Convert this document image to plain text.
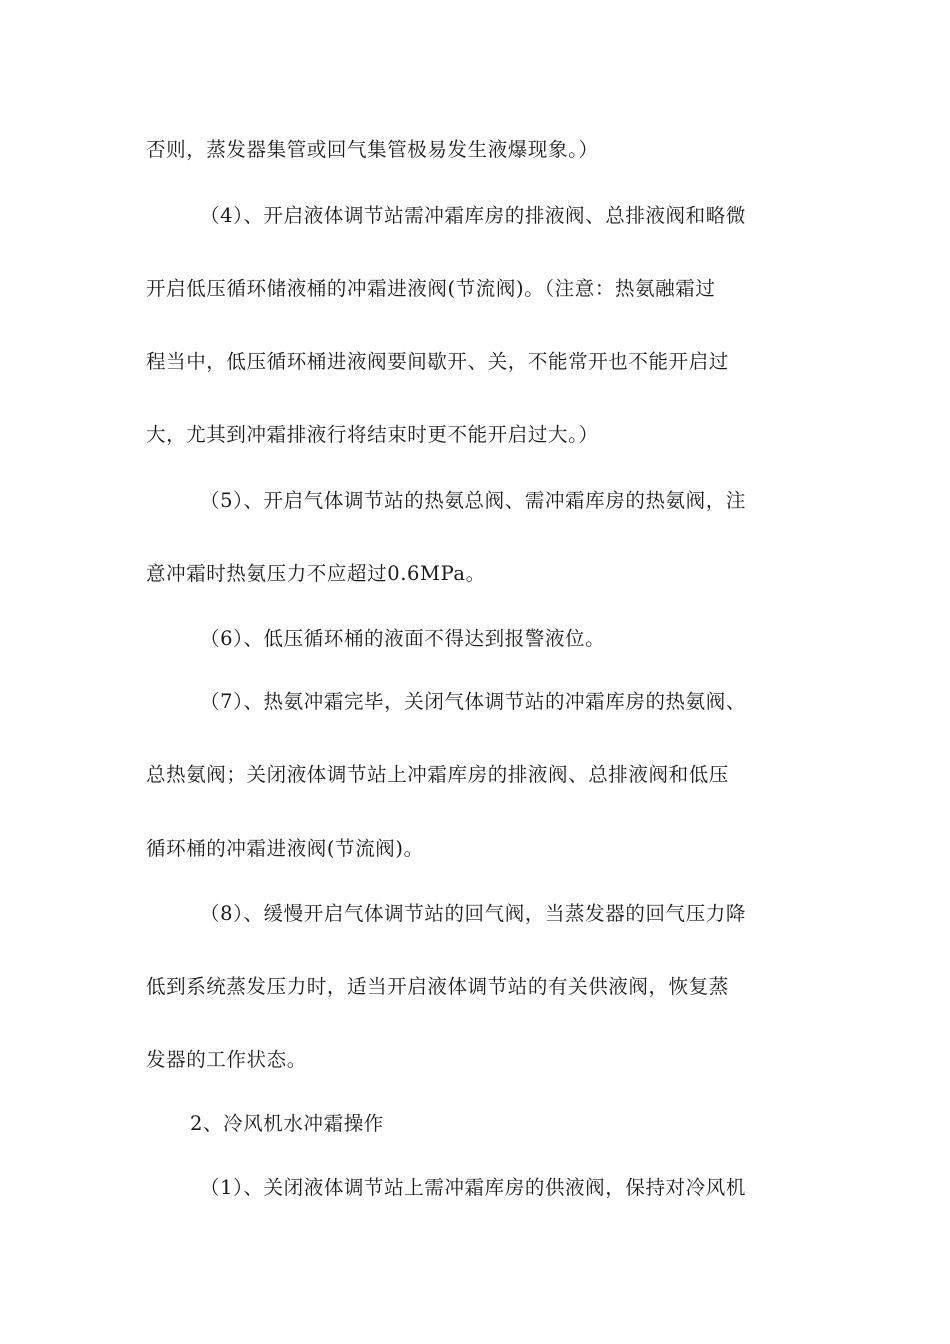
否则，蒸发器集管或回气集管极易发生液爆现象。）
（4）、开启液体调节站需冲霜库房的排液阀、总排液阀和略微
开启低压循环储液桶的冲霜进液阀(节流阀)。（注意：热氨融霜过
程当中，低压循环桶进液阀要间歇开、关，不能常开也不能开启过
大，尤其到冲霜排液行将结束时更不能开启过大。）
（5）、开启气体调节站的热氨总阀、需冲霜库房的热氨阀，注
意冲霜时热氨压力不应超过0.6MPa。
（6）、低压循环桶的液面不得达到报警液位。
（7）、热氨冲霜完毕，关闭气体调节站的冲霜库房的热氨阀、
总热氨阀；关闭液体调节站上冲霜库房的排液阀、总排液阀和低压
循环桶的冲霜进液阀(节流阀)。
（8）、缓慢开启气体调节站的回气阀，当蒸发器的回气压力降
低到系统蒸发压力时，适当开启液体调节站的有关供液阀，恢复蒸
发器的工作状态。
2、冷风机水冲霜操作
（1）、关闭液体调节站上需冲霜库房的供液阀，保持对冷风机
